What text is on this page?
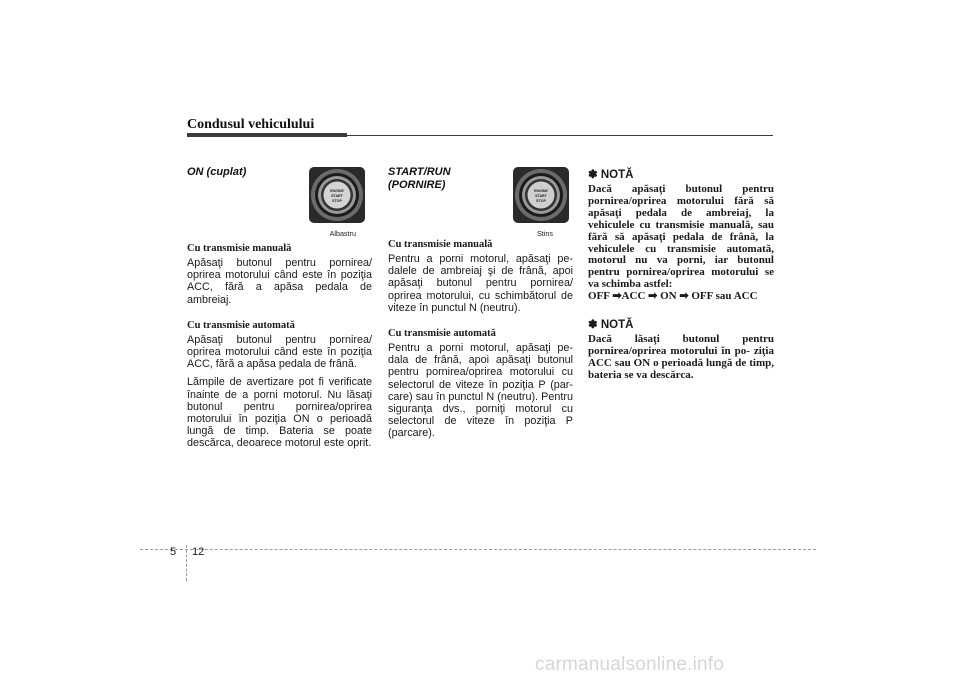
Condusul vehiculului
ON (cuplat)
ENGINE
START
STOP
Albastru
Cu transmisie manuală

Apăsaţi butonul pentru pornirea/ oprirea motorului când este în poziţia ACC, fără a apăsa pedala de ambreiaj.

Cu transmisie automată

Apăsaţi butonul pentru pornirea/ oprirea motorului când este în poziţia ACC, fără a apăsa pedala de frână.

Lămpile de avertizare pot fi verificate înainte de a porni motorul. Nu lăsaţi butonul pentru pornirea/oprirea motorului în poziţia ON o perioadă lungă de timp. Bateria se poate descărca, deoarece motorul este oprit.

START/RUN
(PORNIRE)	ENGINE
START
STOP
Stins
Cu transmisie manuală

Pentru a porni motorul, apăsaţi pe- dalele de ambreiaj şi de frână, apoi apăsaţi butonul pentru pornirea/ oprirea motorului, cu schimbătorul de viteze în punctul N (neutru).

Cu transmisie automată

Pentru a porni motorul, apăsaţi pe- dala de frână, apoi apăsaţi butonul pentru pornirea/oprirea motorului cu selectorul de viteze în poziţia P (par- care) sau în punctul N (neutru). Pentru siguranţa dvs., porniţi motorul cu selectorul de viteze în poziţia P (parcare).

✽ NOTĂ
Dacă apăsaţi butonul pentru pornirea/oprirea motorului fără să apăsaţi pedala de ambreiaj, la vehiculele cu transmisie manuală, sau fără să apăsaţi pedala de frână, la vehiculele cu transmisie automată, motorul nu va porni, iar butonul pentru pornirea/oprirea motorului se va schimba astfel:
OFF ➡ACC ➡ ON ➡ OFF sau ACC
✽ NOTĂ
Dacă lăsaţi butonul pentru pornirea/oprirea motorului în po- ziţia ACC sau ON o perioadă lungă de timp, bateria se va descărca.
5 12
carmanualsonline.info
